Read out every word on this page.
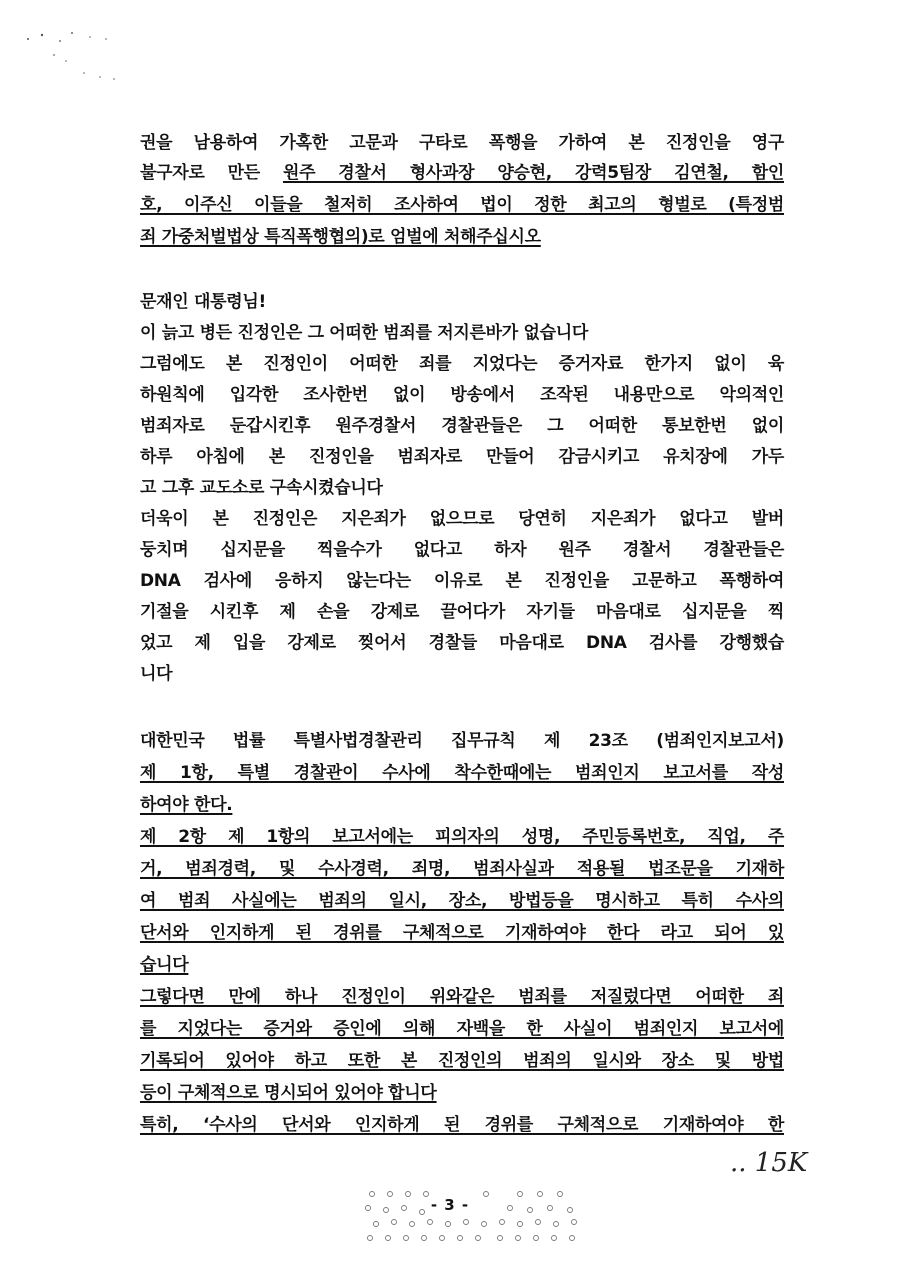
권을 남용하여 가혹한 고문과 구타로 폭행을 가하여 본 진정인을 영구
불구자로 만든 원주 경찰서 형사과장 양승현, 강력5팀장 김연철, 함인
호, 이주신 이들을 철저히 조사하여 법이 정한 최고의 형벌로 (특정범
죄 가중처벌법상 특직폭행협의)로 엄벌에 처해주십시오
문재인 대통령님!
이 늙고 병든 진정인은 그 어떠한 범죄를 저지른바가 없습니다
그럼에도 본 진정인이 어떠한 죄를 지었다는 증거자료 한가지 없이 육
하원칙에 입각한 조사한번 없이 방송에서 조작된 내용만으로 악의적인
범죄자로 둔갑시킨후 원주경찰서 경찰관들은 그 어떠한 통보한번 없이
하루 아침에 본 진정인을 범죄자로 만들어 감금시키고 유치장에 가두
고 그후 교도소로 구속시켰습니다
더욱이 본 진정인은 지은죄가 없으므로 당연히 지은죄가 없다고 발버
둥치며 십지문을 찍을수가 없다고 하자 원주 경찰서 경찰관들은
DNA 검사에 응하지 않는다는 이유로 본 진정인을 고문하고 폭행하여
기절을 시킨후 제 손을 강제로 끌어다가 자기들 마음대로 십지문을 찍
었고 제 입을 강제로 찢어서 경찰들 마음대로 DNA 검사를 강행했습
니다
대한민국 법률 특별사법경찰관리 집무규칙 제 23조 (범죄인지보고서)
제 1항, 특별 경찰관이 수사에 착수한때에는 범죄인지 보고서를 작성
하여야 한다.
제 2항 제 1항의 보고서에는 피의자의 성명, 주민등록번호, 직업, 주
거, 범죄경력, 및 수사경력, 죄명, 범죄사실과 적용될 법조문을 기재하
여 범죄 사실에는 범죄의 일시, 장소, 방법등을 명시하고 특히 수사의
단서와 인지하게 된 경위를 구체적으로 기재하여야 한다 라고 되어 있
습니다
그렇다면 만에 하나 진정인이 위와같은 범죄를 저질렀다면 어떠한 죄
를 지었다는 증거와 증인에 의해 자백을 한 사실이 범죄인지 보고서에
기록되어 있어야 하고 또한 본 진정인의 범죄의 일시와 장소 및 방법
등이 구체적으로 명시되어 있어야 합니다
특히, ‘수사의 단서와 인지하게 된 경위를 구체적으로 기재하여야 한
.. 15K
- 3 -
